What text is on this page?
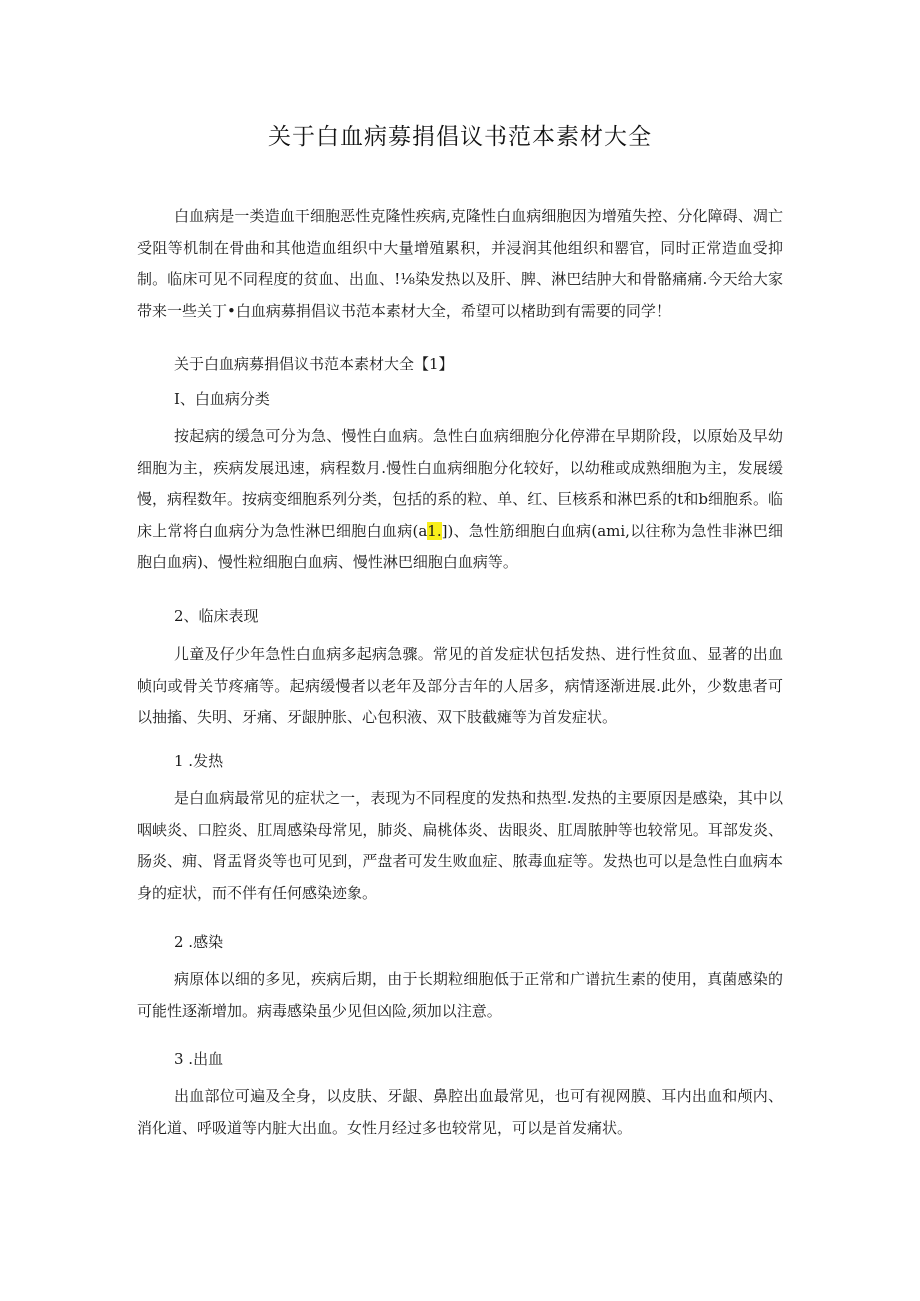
关于白血病募捐倡议书范本素材大全

白血病是一类造血干细胞恶性克隆性疾病,克隆性白血病细胞因为增殖失控、分化障碍、凋亡受阻等机制在骨曲和其他造血组织中大量增殖累积，并浸润其他组织和罂官，同时正常造血受抑制。临床可见不同程度的贫血、出血、!⅛染发热以及肝、脾、淋巴结肿大和骨骼痛痛.今天给大家带来一些关丁•白血病募捐倡议书范本素材大全，希望可以楮助到有需要的同学！

关于白血病募捐倡议书范本素材大全【1】
I、白血病分类

按起病的缓急可分为急、慢性白血病。急性白血病细胞分化停滞在早期阶段，以原始及早幼细胞为主，疾病发展迅速，病程数月.慢性白血病细胞分化较好，以幼稚或成熟细胞为主，发展缓慢，病程数年。按病变细胞系列分类，包括的系的粒、单、红、巨核系和淋巴系的t和b细胞系。临床上常将白血病分为急性淋巴细胞白血病(a1.])、急性筋细胞白血病(ami,以往称为急性非淋巴细胞白血病)、慢性粒细胞白血病、慢性淋巴细胞白血病等。

2、临床表现

儿童及仔少年急性白血病多起病急骤。常见的首发症状包括发热、进行性贫血、显著的出血帧向或骨关节疼痛等。起病缓慢者以老年及部分吉年的人居多，病情逐渐进展.此外，少数患者可以抽搐、失明、牙痛、牙龈肿胀、心包积液、双下肢截瘫等为首发症状。

1 .发热

是白血病最常见的症状之一，表现为不同程度的发热和热型.发热的主要原因是感染，其中以咽峡炎、口腔炎、肛周感染母常见，肺炎、扁桃体炎、齿眼炎、肛周脓肿等也较常见。耳部发炎、肠炎、痈、肾盂肾炎等也可见到，严盘者可发生败血症、脓毒血症等。发热也可以是急性白血病本身的症状，而不伴有任何感染迹象。

2 .感染

病原体以细的多见，疾病后期，由于长期粒细胞低于正常和广谱抗生素的使用，真菌感染的可能性逐渐增加。病毒感染虽少见但凶险,须加以注意。

3 .出血

出血部位可遍及全身，以皮肤、牙龈、鼻腔出血最常见，也可有视网膜、耳内出血和颅内、消化道、呼吸道等内脏大出血。女性月经过多也较常见，可以是首发痛状。
